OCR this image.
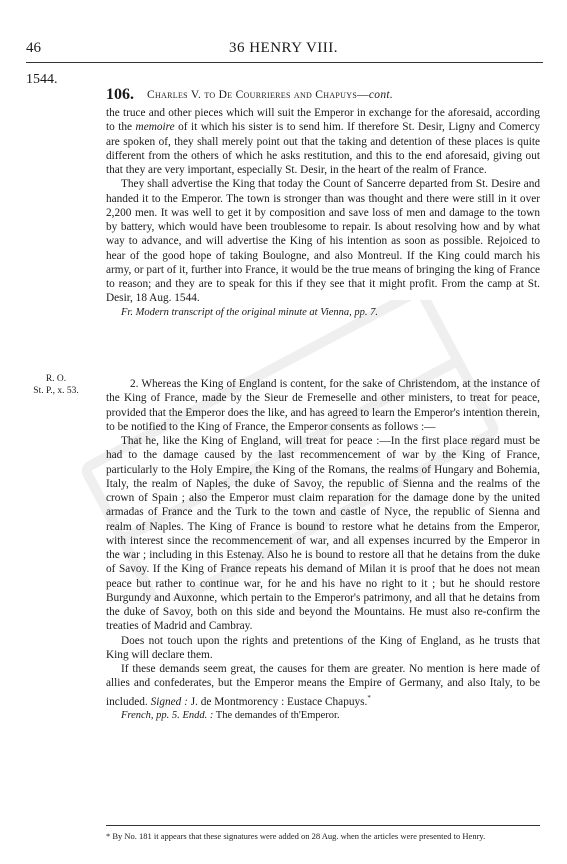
46	36 HENRY VIII.
1544.
106. Charles V. to De Courrieres and Chapuys—cont.

the truce and other pieces which will suit the Emperor in exchange for the aforesaid, according to the memoire of it which his sister is to send him. If therefore St. Desir, Ligny and Comercy are spoken of, they shall merely point out that the taking and detention of these places is quite different from the others of which he asks restitution, and this to the end aforesaid, giving out that they are very important, especially St. Desir, in the heart of the realm of France.

They shall advertise the King that today the Count of Sancerre departed from St. Desire and handed it to the Emperor. The town is stronger than was thought and there were still in it over 2,200 men. It was well to get it by composition and save loss of men and damage to the town by battery, which would have been troublesome to repair. Is about resolving how and by what way to advance, and will advertise the King of his intention as soon as possible. Rejoiced to hear of the good hope of taking Boulogne, and also Montreul. If the King could march his army, or part of it, further into France, it would be the true means of bringing the king of France to reason; and they are to speak for this if they see that it might profit. From the camp at St. Desir, 18 Aug. 1544.

Fr. Modern transcript of the original minute at Vienna, pp. 7.

R. O.
St. P., x. 53.

2. Whereas the King of England is content, for the sake of Christendom, at the instance of the King of France, made by the Sieur de Fremeselle and other ministers, to treat for peace, provided that the Emperor does the like, and has agreed to learn the Emperor's intention therein, to be notified to the King of France, the Emperor consents as follows :—

That he, like the King of England, will treat for peace :—In the first place regard must be had to the damage caused by the last recommencement of war by the King of France, particularly to the Holy Empire, the King of the Romans, the realms of Hungary and Bohemia, Italy, the realm of Naples, the duke of Savoy, the republic of Sienna and the realms of the crown of Spain ; also the Emperor must claim reparation for the damage done by the united armadas of France and the Turk to the town and castle of Nyce, the republic of Sienna and realm of Naples. The King of France is bound to restore what he detains from the Emperor, with interest since the recommencement of war, and all expenses incurred by the Emperor in the war ; including in this Estenay. Also he is bound to restore all that he detains from the duke of Savoy. If the King of France repeats his demand of Milan it is proof that he does not mean peace but rather to continue war, for he and his have no right to it ; but he should restore Burgundy and Auxonne, which pertain to the Emperor's patrimony, and all that he detains from the duke of Savoy, both on this side and beyond the Mountains. He must also re-confirm the treaties of Madrid and Cambray.

Does not touch upon the rights and pretentions of the King of England, as he trusts that King will declare them.

If these demands seem great, the causes for them are greater. No mention is here made of allies and confederates, but the Emperor means the Empire of Germany, and also Italy, to be included. Signed : J. de Montmorency : Eustace Chapuys.*

French, pp. 5. Endd. : The demandes of th'Emperor.

* By No. 181 it appears that these signatures were added on 28 Aug. when the articles were presented to Henry.
